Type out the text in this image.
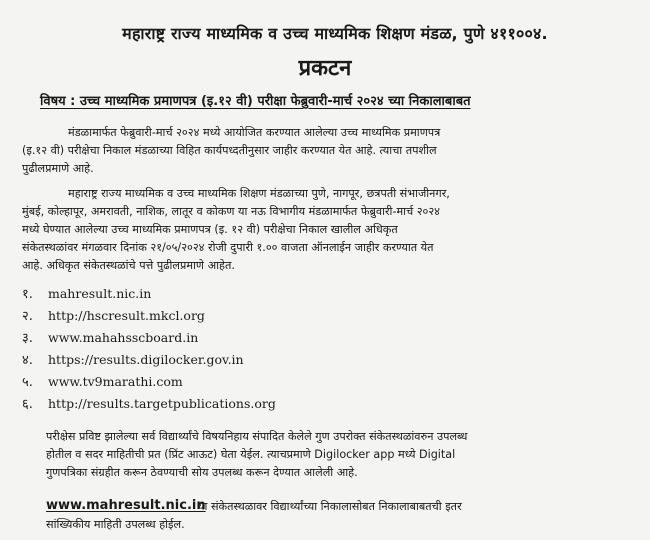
महाराष्ट्र राज्य माध्यमिक व उच्च माध्यमिक शिक्षण मंडळ, पुणे ४११००४.
प्रकटन
विषय : उच्च माध्यमिक प्रमाणपत्र (इ.१२ वी) परीक्षा फेब्रुवारी-मार्च २०२४ च्या निकालाबाबत
मंडळामार्फत फेब्रुवारी-मार्च २०२४ मध्ये आयोजित करण्यात आलेल्या उच्च माध्यमिक प्रमाणपत्र
(इ.१२ वी) परीक्षेचा निकाल मंडळाच्या विहित कार्यपध्दतीनुसार जाहीर करण्यात येत आहे. त्याचा तपशील
पुढीलप्रमाणे आहे.
महाराष्ट्र राज्य माध्यमिक व उच्च माध्यमिक शिक्षण मंडळाच्या पुणे, नागपूर, छत्रपती संभाजीनगर,
मुंबई, कोल्हापूर, अमरावती, नाशिक, लातूर व कोकण या नऊ विभागीय मंडळामार्फत फेब्रुवारी-मार्च २०२४
मध्ये घेण्यात आलेल्या उच्च माध्यमिक प्रमाणपत्र (इ. १२ वी) परीक्षेचा निकाल खालील अधिकृत
संकेतस्थळांवर मंगळवार दिनांक २१/०५/२०२४ रोजी दुपारी १.०० वाजता ऑनलाईन जाहीर करण्यात येत
आहे. अधिकृत संकेतस्थळांचे पत्ते पुढीलप्रमाणे आहेत.
१. mahresult.nic.in
२. http://hscresult.mkcl.org
३. www.mahahsscboard.in
४. https://results.digilocker.gov.in
५. www.tv9marathi.com
६. http://results.targetpublications.org
परीक्षेस प्रविष्ट झालेल्या सर्व विद्यार्थ्यांचे विषयनिहाय संपादित केलेले गुण उपरोक्त संकेतस्थळांवरुन उपलब्ध
होतील व सदर माहितीची प्रत (प्रिंट आऊट) घेता येईल. त्याचप्रमाणे Digilocker app मध्ये Digital
गुणपत्रिका संग्रहीत करून ठेवण्याची सोय उपलब्ध करून देण्यात आलेली आहे.
www.mahresult.nic.in
या संकेतस्थळावर विद्यार्थ्यांच्या निकालासोबत निकालाबाबतची इतर
सांख्यिकीय माहिती उपलब्ध होईल.
